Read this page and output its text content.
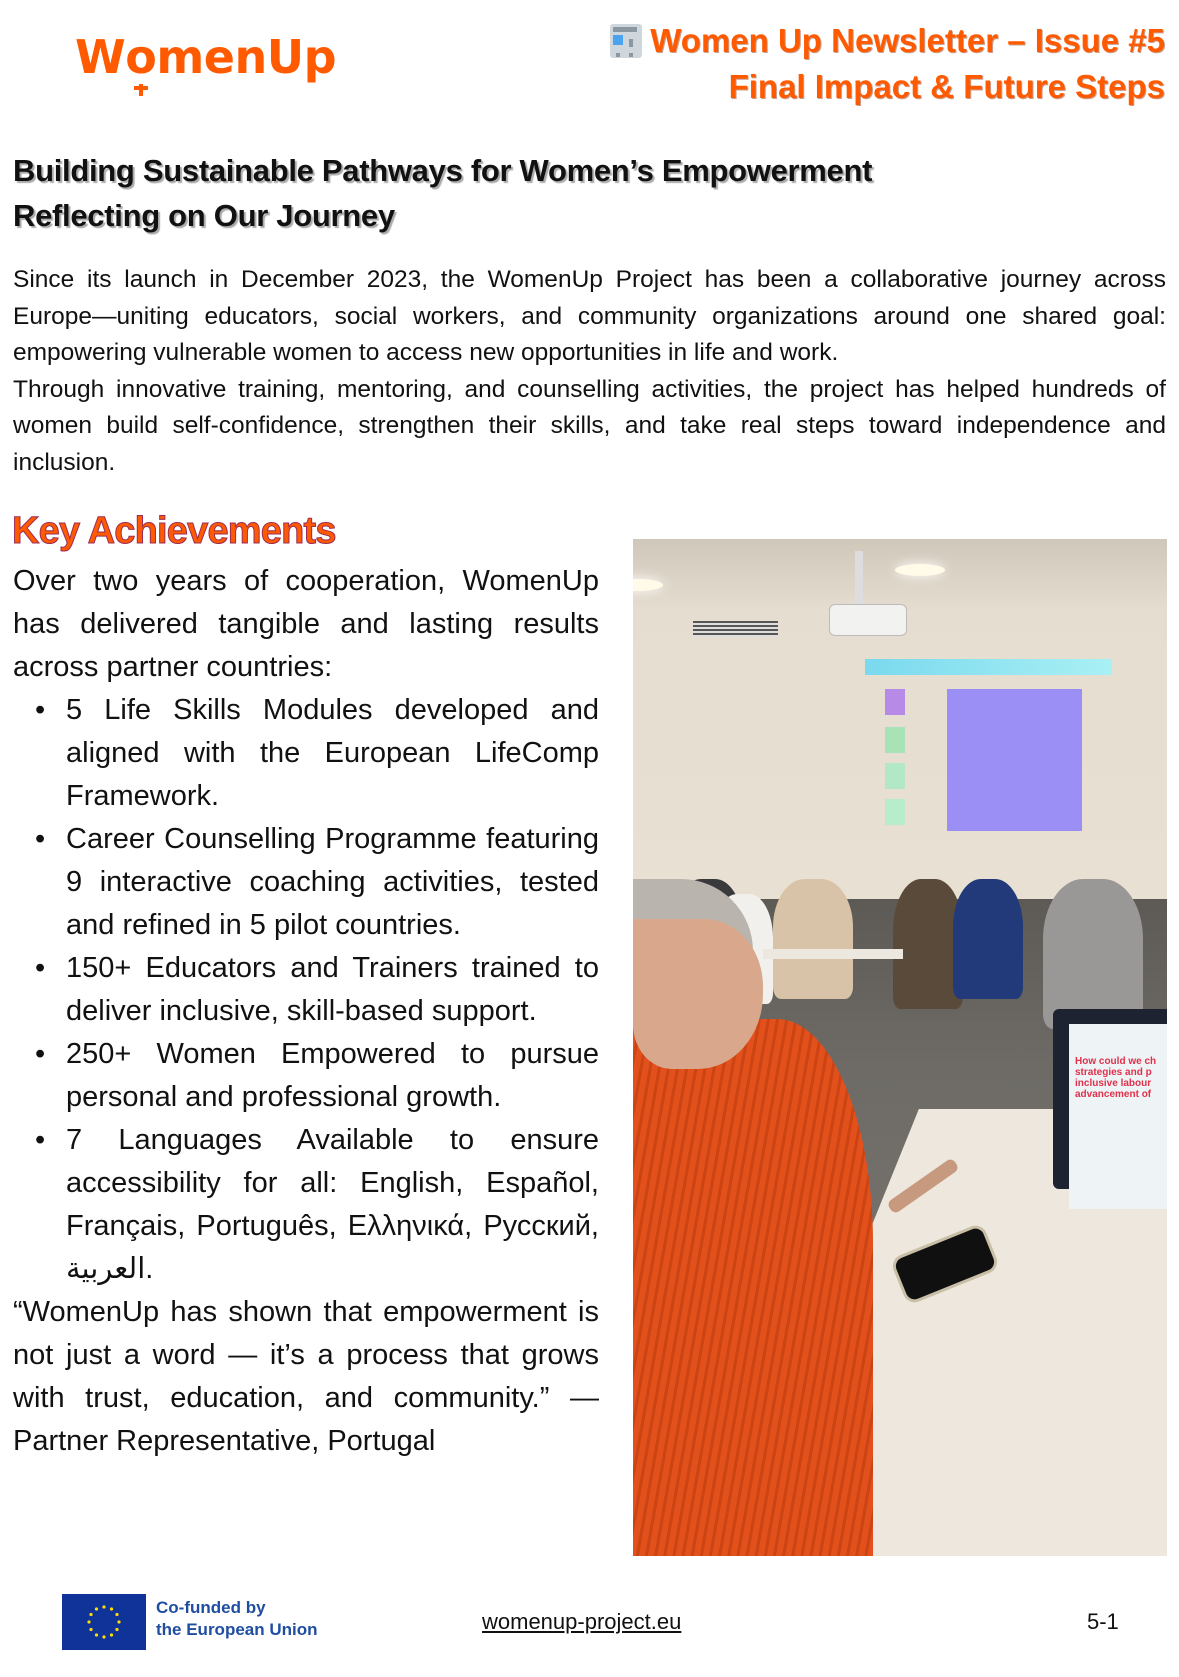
WomenUp	Women Up Newsletter – Issue #5
Final Impact & Future Steps
Building Sustainable Pathways for Women’s Empowerment
Reflecting on Our Journey

Since its launch in December 2023, the WomenUp Project has been a collaborative journey across Europe—uniting educators, social workers, and community organizations around one shared goal: empowering vulnerable women to access new opportunities in life and work.

Through innovative training, mentoring, and counselling activities, the project has helped hundreds of women build self-confidence, strengthen their skills, and take real steps toward independence and inclusion.

Key Achievements

Over two years of cooperation, WomenUp has delivered tangible and lasting results across partner countries:

• 5 Life Skills Modules developed and aligned with the European LifeComp Framework.
• Career Counselling Programme featuring 9 interactive coaching activities, tested and refined in 5 pilot countries.
• 150+ Educators and Trainers trained to deliver inclusive, skill-based support.
• 250+ Women Empowered to pursue personal and professional growth.
• 7 Languages Available to ensure accessibility for all: English, Español, Français, Português, Ελληνικά, Русский, العربية.

“WomenUp has shown that empowerment is not just a word — it’s a process that grows with trust, education, and community.” — Partner Representative, Portugal

How could we ch strategies and p inclusive labour advancement of
Co-funded by
the European Union	womenup-project.eu	5-1
